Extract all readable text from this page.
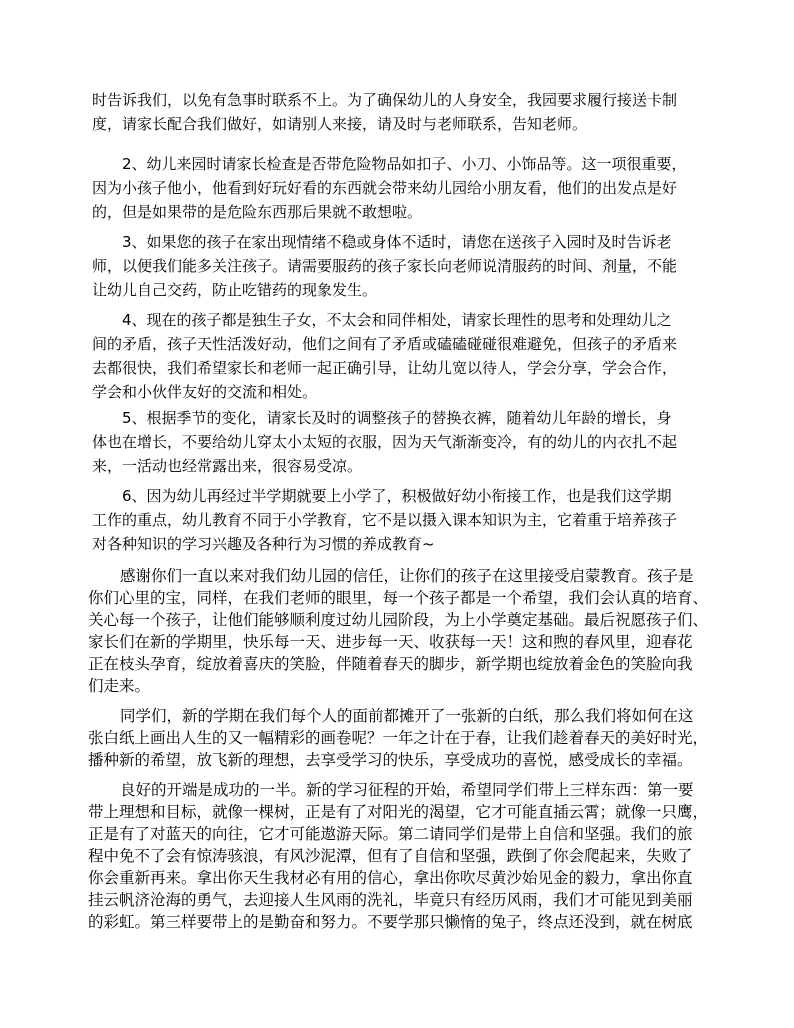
时告诉我们，以免有急事时联系不上。为了确保幼儿的人身安全，我园要求履行接送卡制
度，请家长配合我们做好，如请别人来接，请及时与老师联系，告知老师。
2、幼儿来园时请家长检查是否带危险物品如扣子、小刀、小饰品等。这一项很重要，
因为小孩子他小，他看到好玩好看的东西就会带来幼儿园给小朋友看，他们的出发点是好
的，但是如果带的是危险东西那后果就不敢想啦。
3、如果您的孩子在家出现情绪不稳或身体不适时，请您在送孩子入园时及时告诉老
师，以便我们能多关注孩子。请需要服药的孩子家长向老师说清服药的时间、剂量，不能
让幼儿自己交药，防止吃错药的现象发生。
4、现在的孩子都是独生子女，不太会和同伴相处，请家长理性的思考和处理幼儿之
间的矛盾，孩子天性活泼好动，他们之间有了矛盾或磕磕碰碰很难避免，但孩子的矛盾来
去都很快，我们希望家长和老师一起正确引导，让幼儿宽以待人，学会分享，学会合作，
学会和小伙伴友好的交流和相处。
5、根据季节的变化，请家长及时的调整孩子的替换衣裤，随着幼儿年龄的增长，身
体也在增长，不要给幼儿穿太小太短的衣服，因为天气渐渐变冷，有的幼儿的内衣扎不起
来，一活动也经常露出来，很容易受凉。
6、因为幼儿再经过半学期就要上小学了，积极做好幼小衔接工作，也是我们这学期
工作的重点，幼儿教育不同于小学教育，它不是以摄入课本知识为主，它着重于培养孩子
对各种知识的学习兴趣及各种行为习惯的养成教育~
感谢你们一直以来对我们幼儿园的信任，让你们的孩子在这里接受启蒙教育。孩子是
你们心里的宝，同样，在我们老师的眼里，每一个孩子都是一个希望，我们会认真的培育、
关心每一个孩子，让他们能够顺利度过幼儿园阶段，为上小学奠定基础。最后祝愿孩子们、
家长们在新的学期里，快乐每一天、进步每一天、收获每一天！这和煦的春风里，迎春花
正在枝头孕育，绽放着喜庆的笑脸，伴随着春天的脚步，新学期也绽放着金色的笑脸向我
们走来。
同学们，新的学期在我们每个人的面前都摊开了一张新的白纸，那么我们将如何在这
张白纸上画出人生的又一幅精彩的画卷呢？一年之计在于春，让我们趁着春天的美好时光，
播种新的希望，放飞新的理想，去享受学习的快乐，享受成功的喜悦，感受成长的幸福。
良好的开端是成功的一半。新的学习征程的开始，希望同学们带上三样东西：第一要
带上理想和目标，就像一棵树，正是有了对阳光的渴望，它才可能直插云霄；就像一只鹰，
正是有了对蓝天的向往，它才可能遨游天际。第二请同学们是带上自信和坚强。我们的旅
程中免不了会有惊涛骇浪，有风沙泥潭，但有了自信和坚强，跌倒了你会爬起来，失败了
你会重新再来。拿出你天生我材必有用的信心，拿出你吹尽黄沙始见金的毅力，拿出你直
挂云帆济沧海的勇气，去迎接人生风雨的洗礼，毕竟只有经历风雨，我们才可能见到美丽
的彩虹。第三样要带上的是勤奋和努力。不要学那只懒惰的兔子，终点还没到，就在树底
